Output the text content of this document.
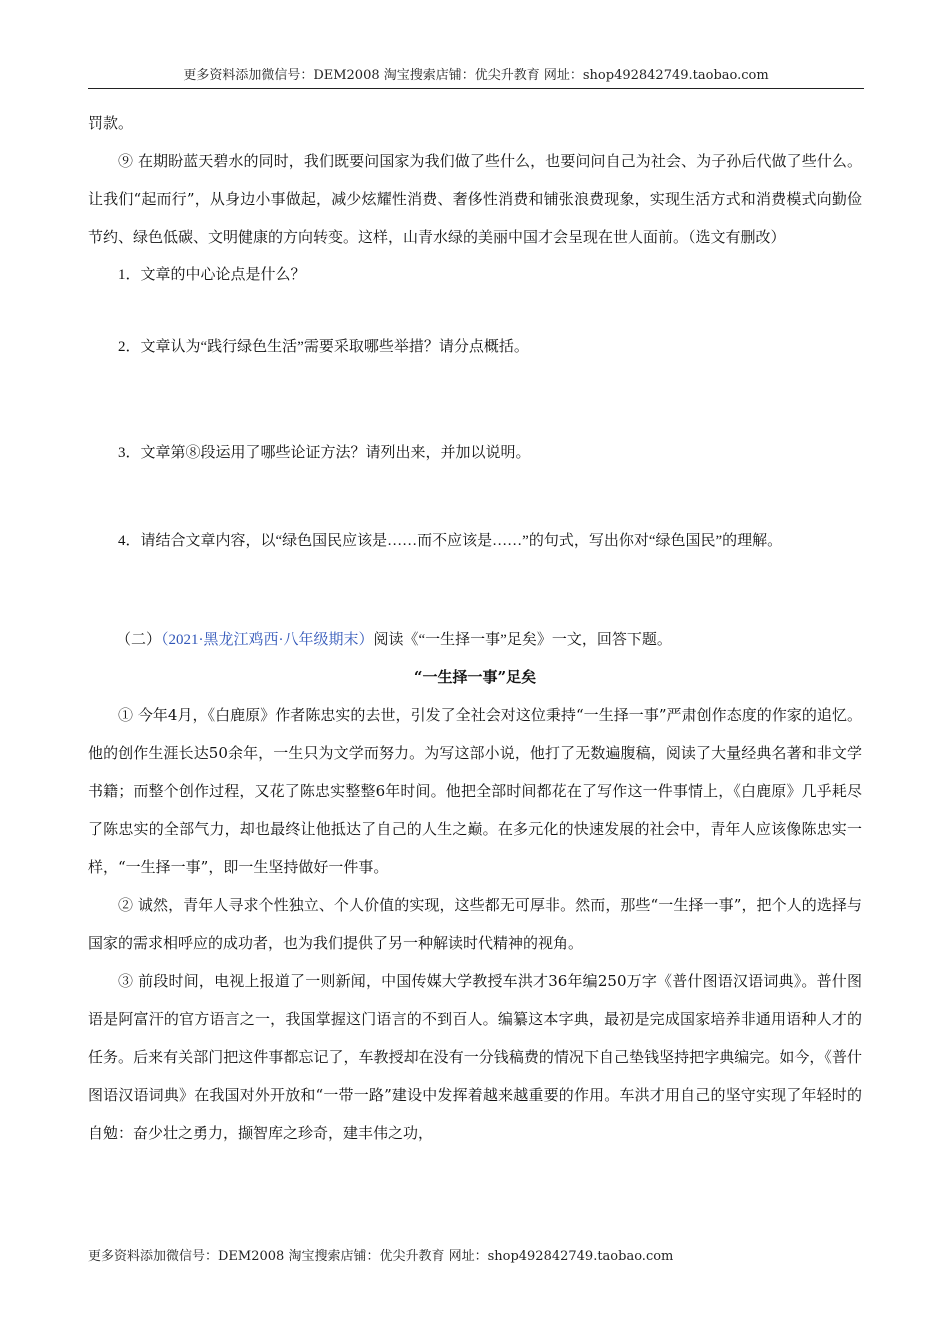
更多资料添加微信号：DEM2008 淘宝搜索店铺：优尖升教育 网址：shop492842749.taobao.com

罚款。

⑨ 在期盼蓝天碧水的同时，我们既要问国家为我们做了些什么，也要问问自己为社会、为子孙后代做了些什么。让我们“起而行”，从身边小事做起，减少炫耀性消费、奢侈性消费和铺张浪费现象，实现生活方式和消费模式向勤俭节约、绿色低碳、文明健康的方向转变。这样，山青水绿的美丽中国才会呈现在世人面前。（选文有删改）

1．文章的中心论点是什么？

2．文章认为“践行绿色生活”需要采取哪些举措？请分点概括。

3．文章第⑧段运用了哪些论证方法？请列出来，并加以说明。

4．请结合文章内容，以“绿色国民应该是……而不应该是……”的句式，写出你对“绿色国民”的理解。

（二）（2021·黑龙江鸡西·八年级期末）阅读《“一生择一事”足矣》一文，回答下题。

“一生择一事”足矣

① 今年4月，《白鹿原》作者陈忠实的去世，引发了全社会对这位秉持“一生择一事”严肃创作态度的作家的追忆。他的创作生涯长达50余年，一生只为文学而努力。为写这部小说，他打了无数遍腹稿，阅读了大量经典名著和非文学书籍；而整个创作过程，又花了陈忠实整整6年时间。他把全部时间都花在了写作这一件事情上，《白鹿原》几乎耗尽了陈忠实的全部气力，却也最终让他抵达了自己的人生之巅。在多元化的快速发展的社会中，青年人应该像陈忠实一样，“一生择一事”，即一生坚持做好一件事。

② 诚然，青年人寻求个性独立、个人价值的实现，这些都无可厚非。然而，那些“一生择一事”，把个人的选择与国家的需求相呼应的成功者，也为我们提供了另一种解读时代精神的视角。

③ 前段时间，电视上报道了一则新闻，中国传媒大学教授车洪才36年编250万字《普什图语汉语词典》。普什图语是阿富汗的官方语言之一，我国掌握这门语言的不到百人。编纂这本字典，最初是完成国家培养非通用语种人才的任务。后来有关部门把这件事都忘记了，车教授却在没有一分钱稿费的情况下自己垫钱坚持把字典编完。如今，《普什图语汉语词典》在我国对外开放和“一带一路”建设中发挥着越来越重要的作用。车洪才用自己的坚守实现了年轻时的自勉：奋少壮之勇力，撷智库之珍奇，建丰伟之功，

更多资料添加微信号：DEM2008 淘宝搜索店铺：优尖升教育 网址：shop492842749.taobao.com
